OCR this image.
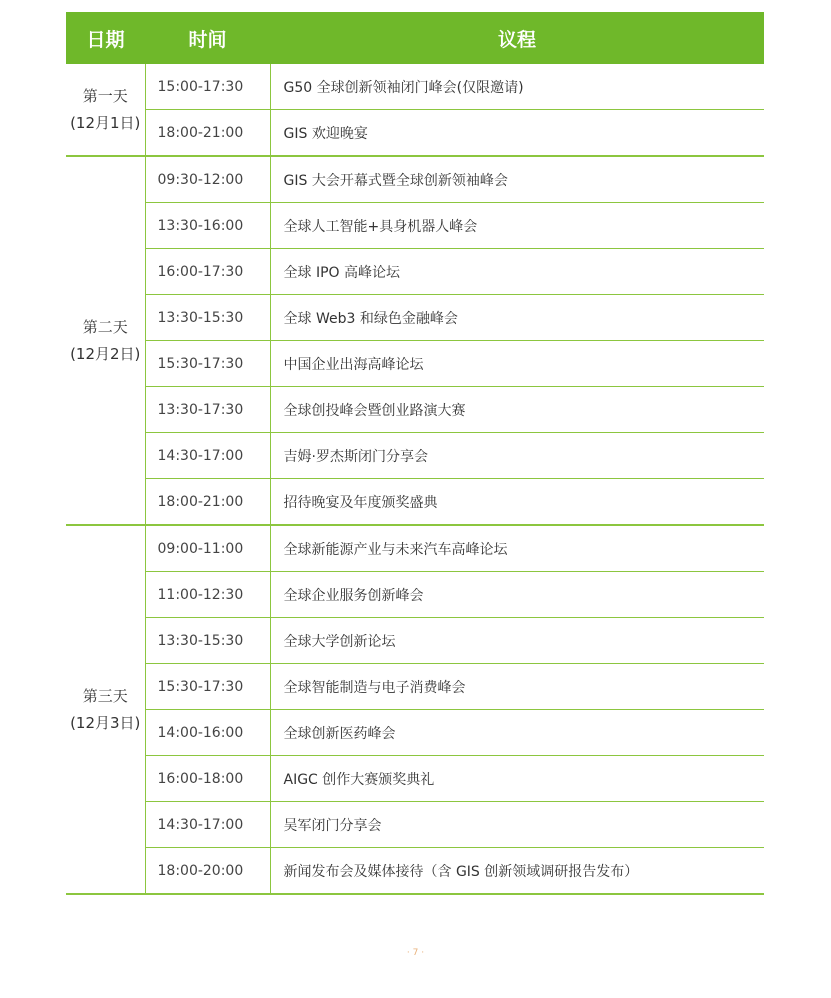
日期	时间	议程

第一天
(12月1日)	15:00-17:30	G50 全球创新领袖闭门峰会(仅限邀请)
	18:00-21:00	GIS 欢迎晚宴

第二天
(12月2日)	09:30-12:00	GIS 大会开幕式暨全球创新领袖峰会
	13:30-16:00	全球人工智能+具身机器人峰会
	16:00-17:30	全球 IPO 高峰论坛
	13:30-15:30	全球 Web3 和绿色金融峰会
	15:30-17:30	中国企业出海高峰论坛
	13:30-17:30	全球创投峰会暨创业路演大赛
	14:30-17:00	吉姆·罗杰斯闭门分享会
	18:00-21:00	招待晚宴及年度颁奖盛典

第三天
(12月3日)	09:00-11:00	全球新能源产业与未来汽车高峰论坛
	11:00-12:30	全球企业服务创新峰会
	13:30-15:30	全球大学创新论坛
	15:30-17:30	全球智能制造与电子消费峰会
	14:00-16:00	全球创新医药峰会
	16:00-18:00	AIGC 创作大赛颁奖典礼
	14:30-17:00	吴军闭门分享会
	18:00-20:00	新闻发布会及媒体接待（含 GIS 创新领域调研报告发布）
· 7 ·
